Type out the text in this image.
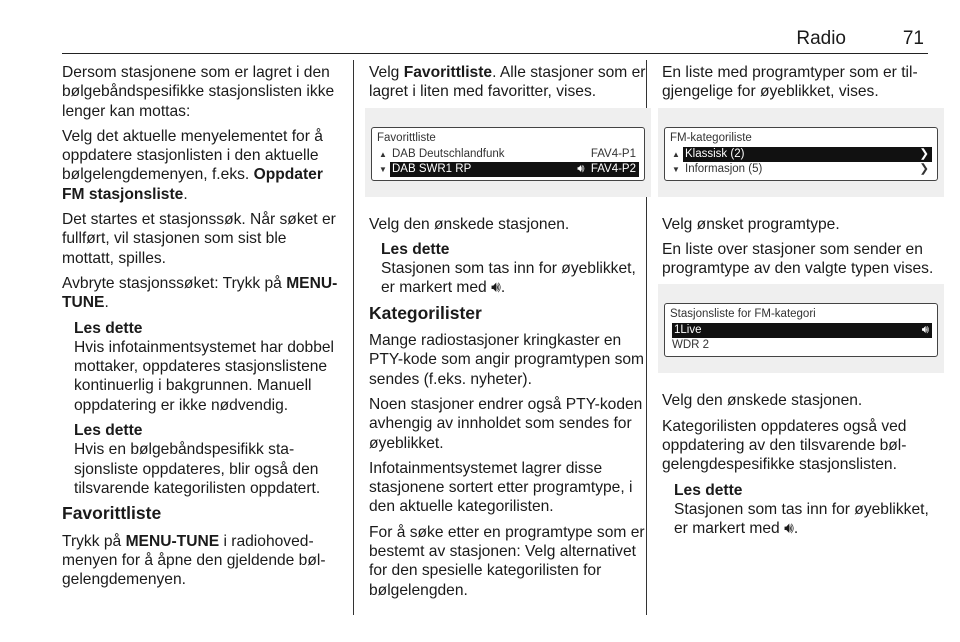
Radio	71

Dersom stasjonene som er lagret i den bølgebåndspesifikke stasjonslisten ikke lenger kan mottas:

Velg det aktuelle menyelementet for å oppdatere stasjonlisten i den aktuelle bølgelengdemenyen, f.eks. Oppdater FM stasjonsliste.

Det startes et stasjonssøk. Når søket er fullført, vil stasjonen som sist ble mottatt, spilles.

Avbryte stasjonssøket: Trykk på MENU-TUNE.

Les dette
Hvis infotainmentsystemet har dobbel mottaker, oppdateres stasjonslistene kontinuerlig i bakgrunnen. Manuell oppdatering er ikke nødvendig.
Les dette
Hvis en bølgebåndspesifikk stasjonsliste oppdateres, blir også den tilsvarende kategorilisten oppdatert.
Favorittliste

Trykk på MENU-TUNE i radiohovedmenyen for å åpne den gjeldende bølgelengdemenyen.

Velg Favorittliste. Alle stasjoner som er lagret i liten med favoritter, vises.

Favorittliste
▲ DAB Deutschlandfunk	FAV4-P1
▼ DAB SWR1 RP	🔊︎ FAV4-P2

Velg den ønskede stasjonen.

Les dette
Stasjonen som tas inn for øyeblikket, er markert med 🔊︎.
Kategorilister

Mange radiostasjoner kringkaster en PTY-kode som angir programtypen som sendes (f.eks. nyheter).

Noen stasjoner endrer også PTY-koden avhengig av innholdet som sendes for øyeblikket.

Infotainmentsystemet lagrer disse stasjonene sortert etter programtype, i den aktuelle kategorilisten.

For å søke etter en programtype som er bestemt av stasjonen: Velg alternativet for den spesielle kategorilisten for bølgelengden.

En liste med programtyper som er tilgjengelige for øyeblikket, vises.

FM-kategoriliste
▲ Klassisk (2)	❯
▼ Informasjon (5)	❯

Velg ønsket programtype.

En liste over stasjoner som sender en programtype av den valgte typen vises.

Stasjonsliste for FM-kategori
1Live	🔊︎
WDR 2

Velg den ønskede stasjonen.

Kategorilisten oppdateres også ved oppdatering av den tilsvarende bølgelengdespesifikke stasjonslisten.

Les dette
Stasjonen som tas inn for øyeblikket, er markert med 🔊︎.
